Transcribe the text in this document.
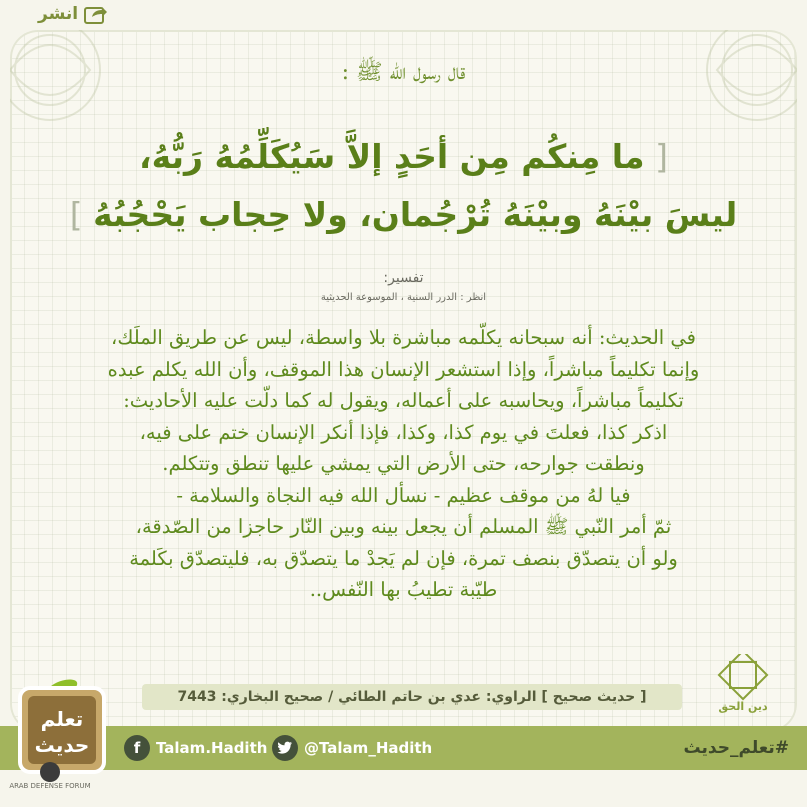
انشر
قال رسول الله ﷺ :
[ ما مِنكُم مِن أحَدٍ إلاَّ سَيُكَلِّمُهُ رَبُّهُ،
ليسَ بيْنَهُ وبيْنَهُ تُرْجُمان، ولا حِجاب يَحْجُبُهُ ]
تفسير:
انظر : الدرر السنية ، الموسوعة الحديثية

في الحديث: أنه سبحانه يكلّمه مباشرة بلا واسطة، ليس عن طريق الملَك،

وإنما تكليماً مباشراً، وإذا استشعر الإنسان هذا الموقف، وأن الله يكلم عبده

تكليماً مباشراً، ويحاسبه على أعماله، ويقول له كما دلّت عليه الأحاديث:

اذكر كذا، فعلتَ في يوم كذا، وكذا، فإذا أنكر الإنسان ختم على فيه،

ونطقت جوارحه، حتى الأرض التي يمشي عليها تنطق وتتكلم.

فيا لهُ من موقف عظيم - نسأل الله فيه النجاة والسلامة -

ثمّ أمر النّبي ﷺ المسلم أن يجعل بينه وبين النّار حاجزا من الصّدقة،

ولو أن يتصدّق بنصف تمرة، فإن لم يَجدْ ما يتصدّق به، فليتصدّق بكَلمة

طيّبة تطيبُ بها النّفس..

[ حديث صحيح ] الراوي: عدي بن حاتم الطائي / صحيح البخاري: 7443
دين الحق
f	Talam.Hadith @Talam_Hadith	#تعلم_حديث
تعلم
حديث
ARAB DEFENSE FORUM
